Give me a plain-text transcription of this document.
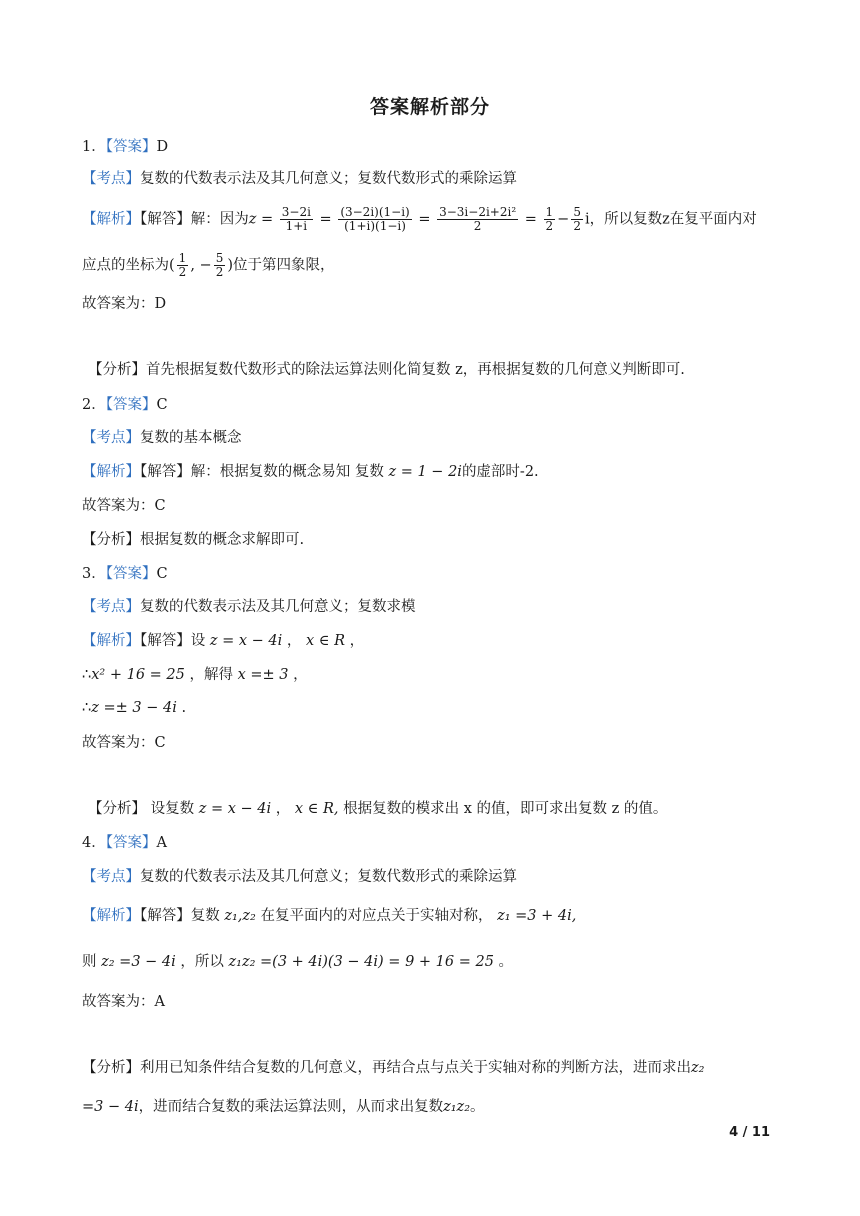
答案解析部分
1．【答案】D
【考点】复数的代数表示法及其几何意义；复数代数形式的乘除运算
【解析】【解答】解：因为$z = \frac{3-2i}{1+i} = \frac{(3-2i)(1-i)}{(1+i)(1-i)} = \frac{\text{3−3i−2i+2i²}}{2} = \frac{1}{2} - \frac{5}{2}$ i，所以复数z在复平面内对
应点的坐标为( $\frac{1}{2}$ , − $\frac{5}{2}$ )位于第四象限，
故答案为：D
【分析】首先根据复数代数形式的除法运算法则化简复数 z，再根据复数的几何意义判断即可.
2．【答案】C
【考点】复数的基本概念
【解析】【解答】解：根据复数的概念易知 复数 z = 1 − 2i的虚部时-2.
故答案为：C
【分析】根据复数的概念求解即可.
3．【答案】C
【考点】复数的代数表示法及其几何意义；复数求模
【解析】【解答】设 z = x − 4i ， x ∈ R ，
∴x² + 16 = 25 ，解得 x =± 3 ，
∴z =± 3 − 4i .
故答案为：C
【分析】 设复数 z = x − 4i ， x ∈ R, 根据复数的模求出 x 的值，即可求出复数 z 的值。
4．【答案】A
【考点】复数的代数表示法及其几何意义；复数代数形式的乘除运算
【解析】【解答】复数 z₁,z₂ 在复平面内的对应点关于实轴对称， z₁ =3 + 4i,
则 z₂ =3 − 4i ，所以 z₁z₂ =(3 + 4i)(3 − 4i) = 9 + 16 = 25 。
故答案为：A
【分析】利用已知条件结合复数的几何意义，再结合点与点关于实轴对称的判断方法，进而求出z₂
=3 − 4i，进而结合复数的乘法运算法则，从而求出复数z₁z₂。
4 / 11
